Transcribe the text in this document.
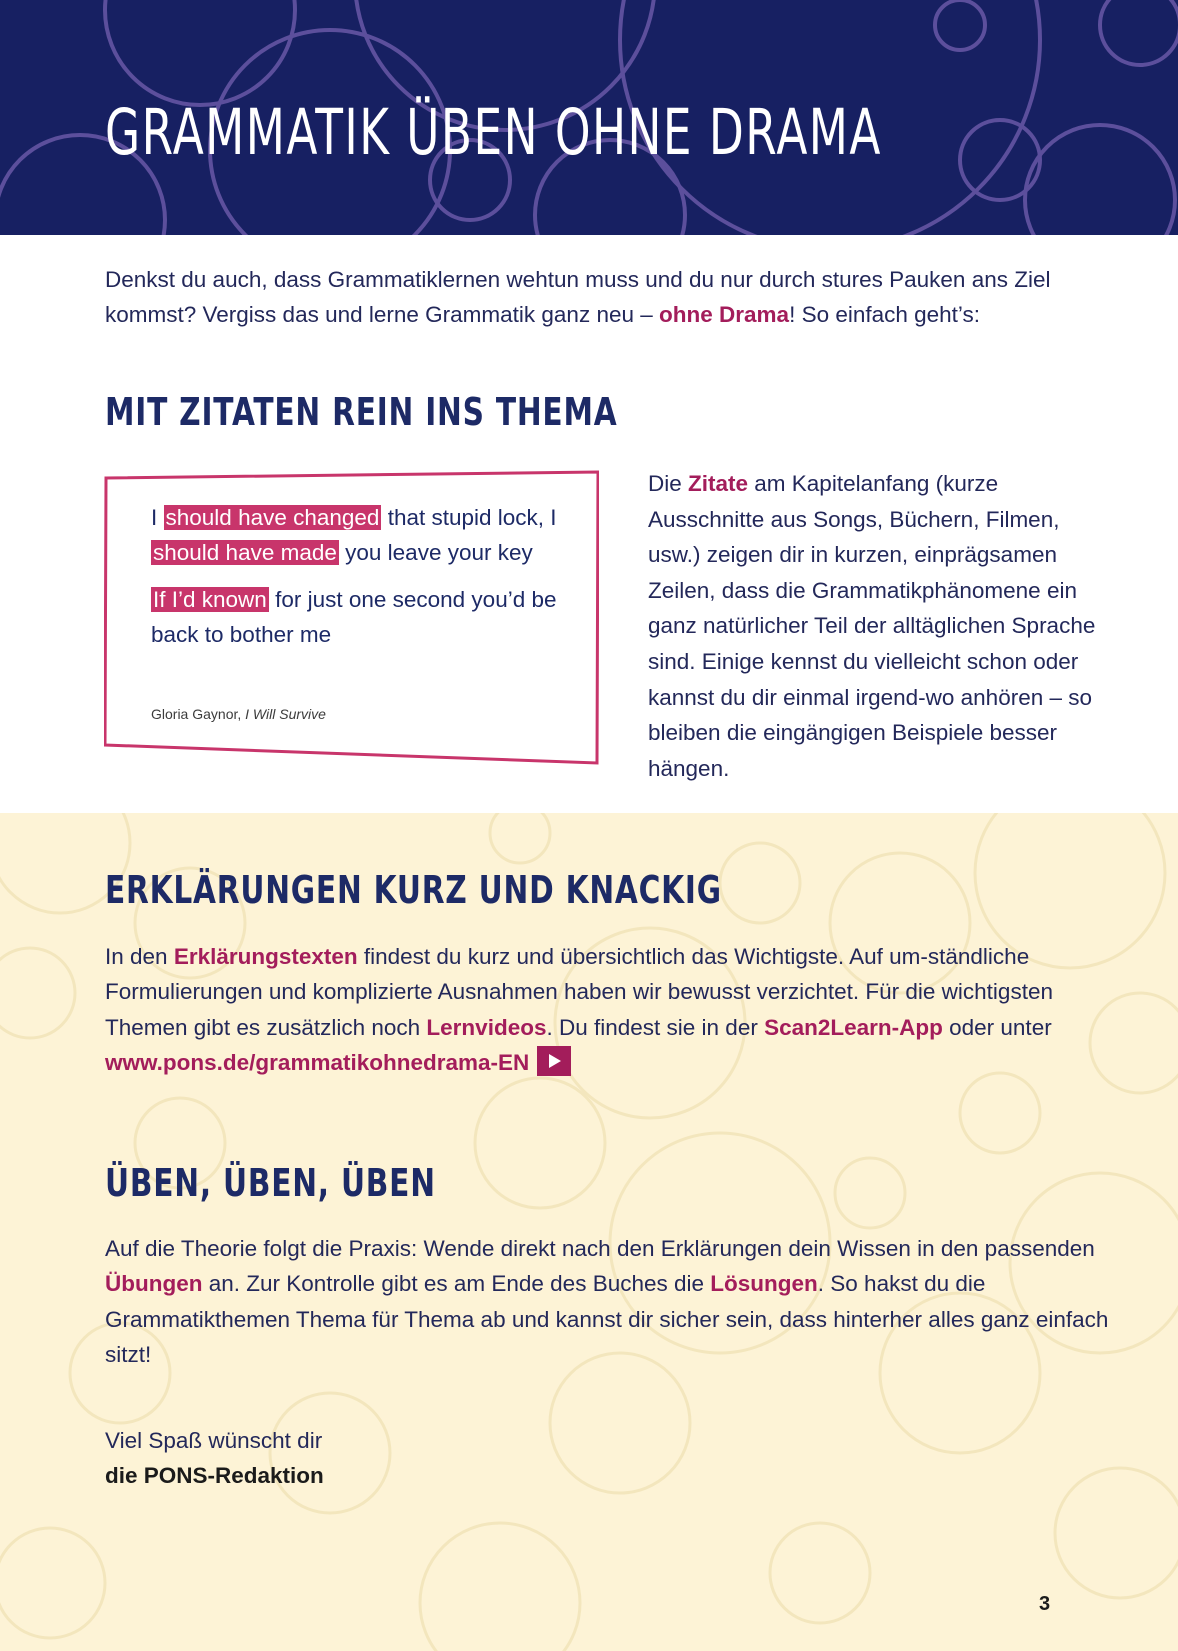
GRAMMATIK ÜBEN OHNE DRAMA

Denkst du auch, dass Grammatiklernen wehtun muss und du nur durch stures Pauken ans Ziel kommst? Vergiss das und lerne Grammatik ganz neu – ohne Drama! So einfach geht’s:

MIT ZITATEN REIN INS THEMA

I should have changed that stupid lock, I should have made you leave your key

If I’d known for just one second you’d be back to bother me

Gloria Gaynor, I Will Survive

Die Zitate am Kapitelanfang (kurze Ausschnitte aus Songs, Büchern, Filmen, usw.) zeigen dir in kurzen, einprägsamen Zeilen, dass die Grammatikphänomene ein ganz natürlicher Teil der alltäglichen Sprache sind. Einige kennst du vielleicht schon oder kannst du dir einmal irgend-wo anhören – so bleiben die eingängigen Beispiele besser hängen.

ERKLÄRUNGEN KURZ UND KNACKIG

In den Erklärungstexten findest du kurz und übersichtlich das Wichtigste. Auf um-ständliche Formulierungen und komplizierte Ausnahmen haben wir bewusst verzichtet. Für die wichtigsten Themen gibt es zusätzlich noch Lernvideos. Du findest sie in der Scan2Learn-App oder unter www.pons.de/grammatikohnedrama-EN

ÜBEN, ÜBEN, ÜBEN

Auf die Theorie folgt die Praxis: Wende direkt nach den Erklärungen dein Wissen in den passenden Übungen an. Zur Kontrolle gibt es am Ende des Buches die Lösungen. So hakst du die Grammatikthemen Thema für Thema ab und kannst dir sicher sein, dass hinterher alles ganz einfach sitzt!

Viel Spaß wünscht dir
die PONS-Redaktion

3
